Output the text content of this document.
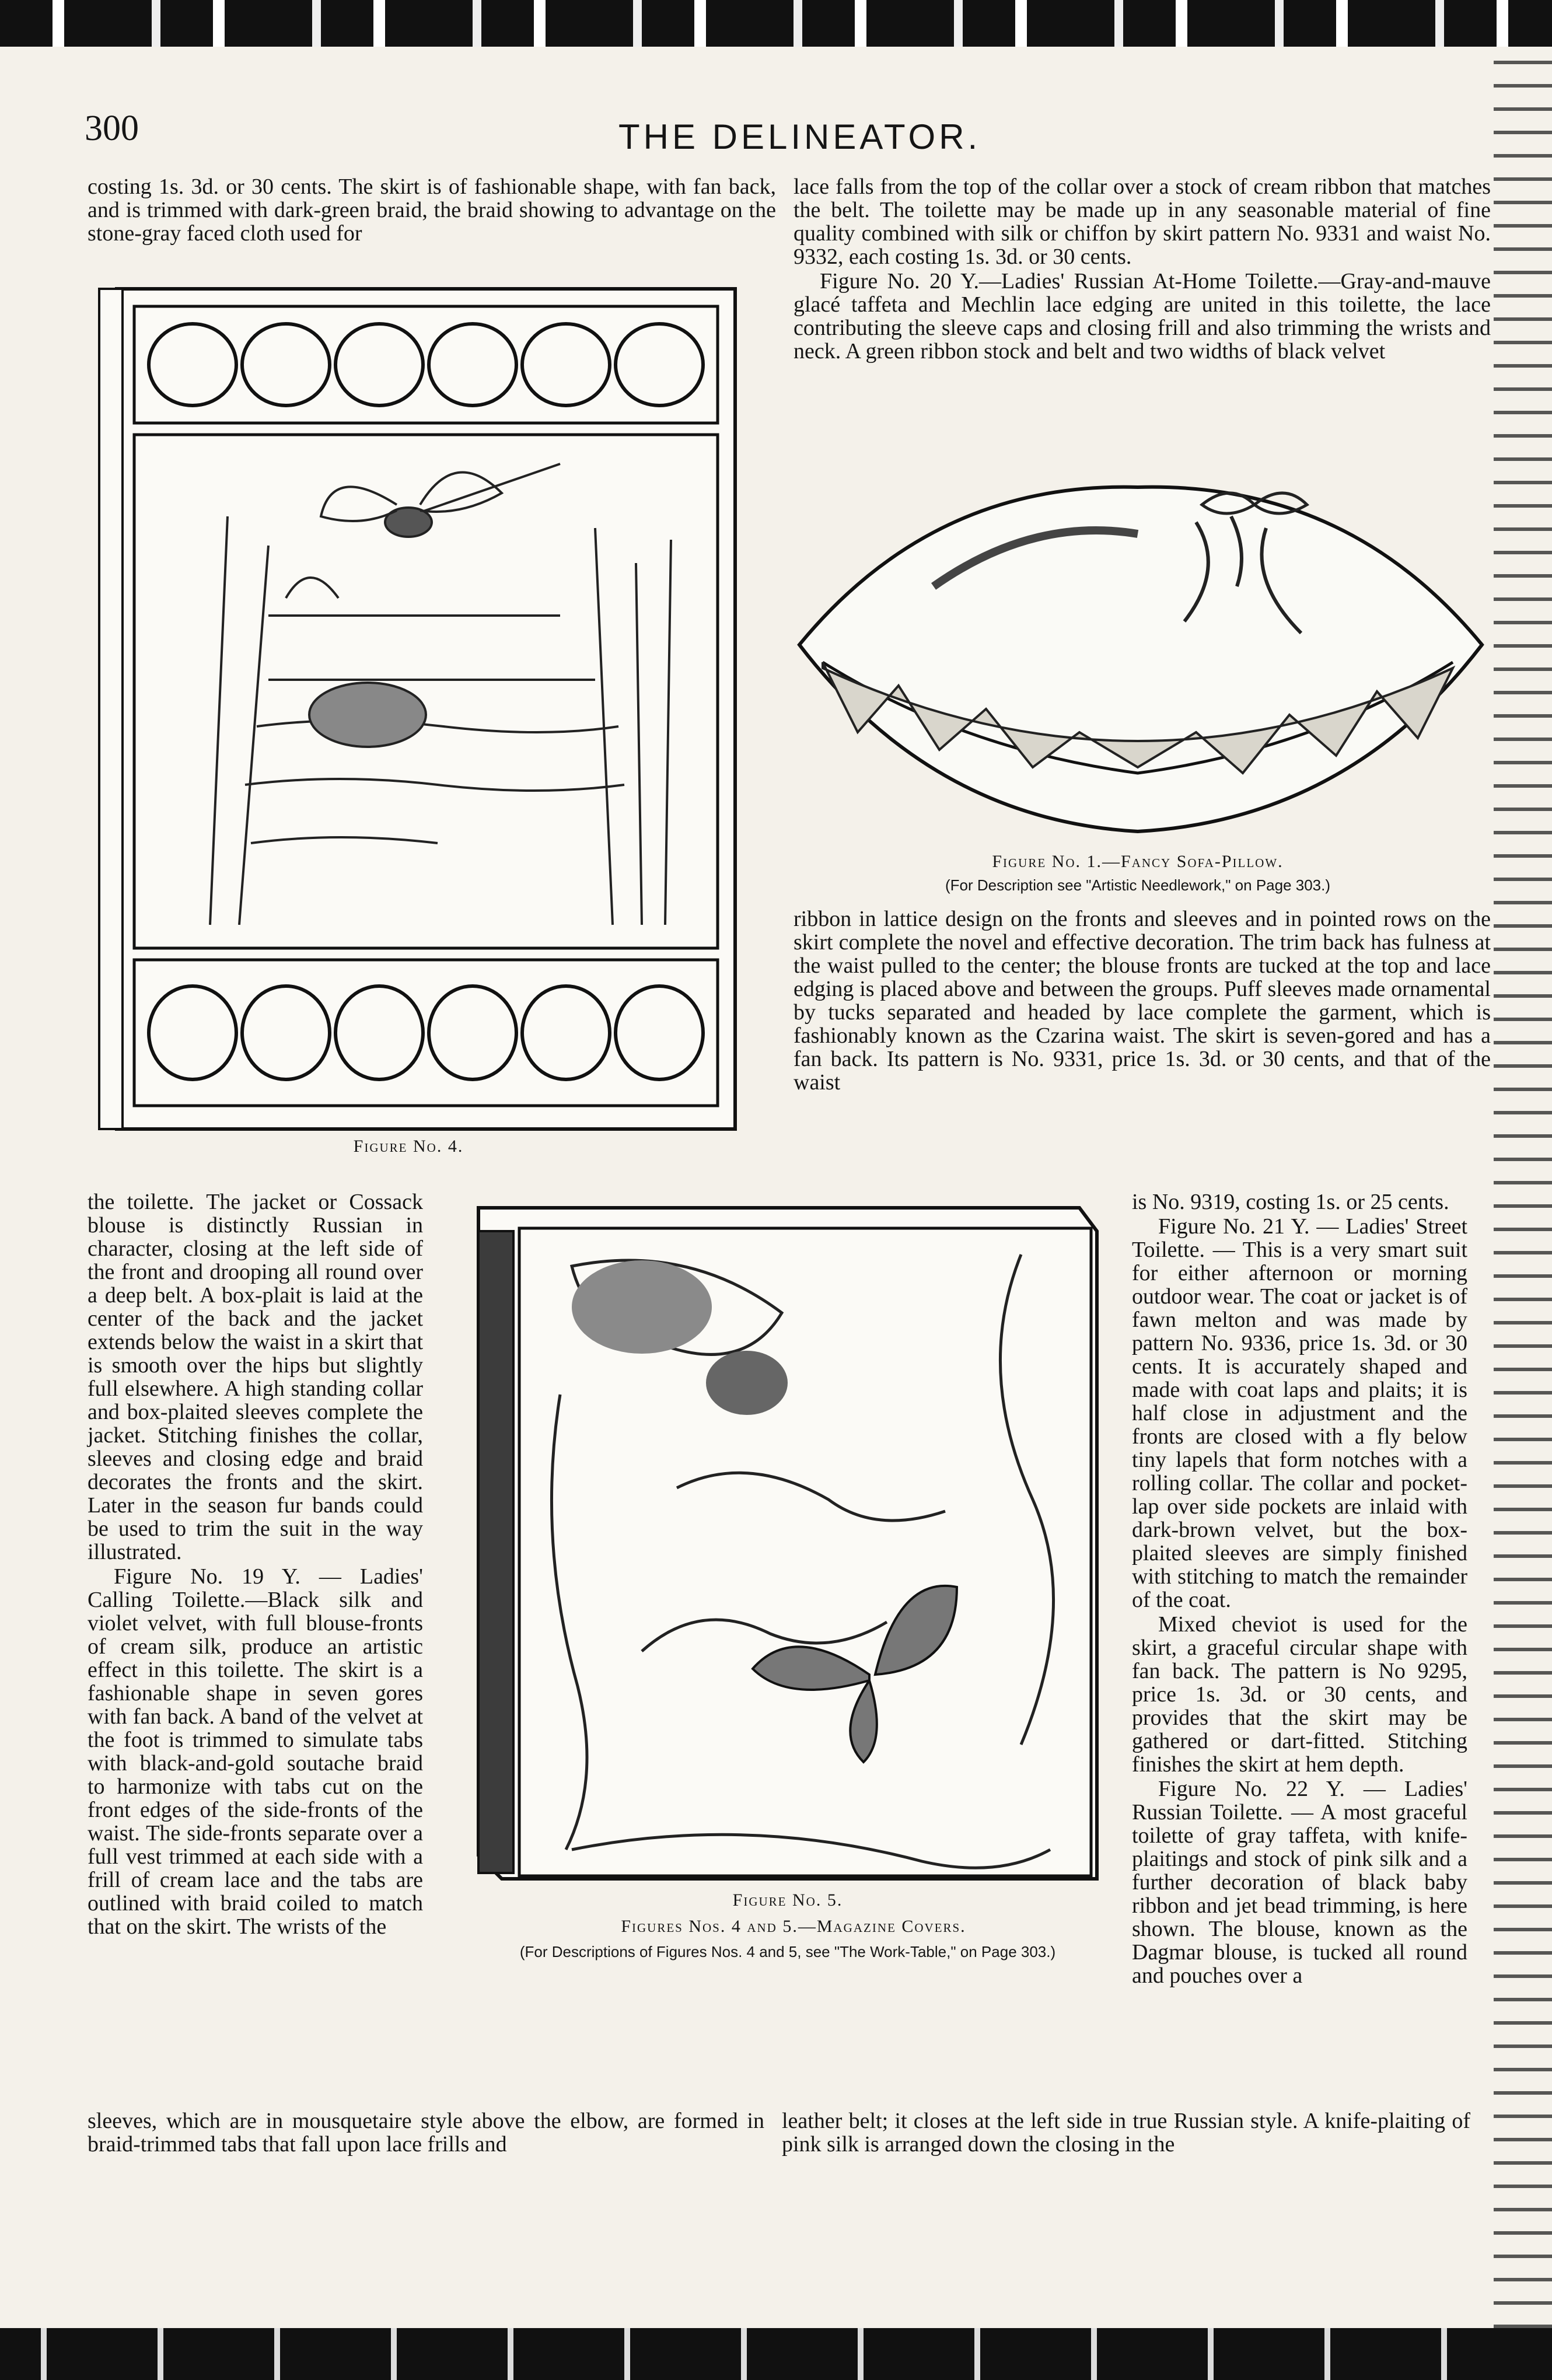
300	THE DELINEATOR.

costing 1s. 3d. or 30 cents. The skirt is of fashionable shape, with fan back, and is trimmed with dark-green braid, the braid showing to advantage on the stone-gray faced cloth used for

lace falls from the top of the collar over a stock of cream ribbon that matches the belt. The toilette may be made up in any seasonable material of fine quality combined with silk or chiffon by skirt pattern No. 9331 and waist No. 9332, each costing 1s. 3d. or 30 cents.

Figure No. 20 Y.—Ladies' Russian At-Home Toilette.—Gray-and-mauve glacé taffeta and Mechlin lace edging are united in this toilette, the lace contributing the sleeve caps and closing frill and also trimming the wrists and neck. A green ribbon stock and belt and two widths of black velvet

Figure No. 4.
Figure No. 1.—Fancy Sofa-Pillow.
(For Description see "Artistic Needlework," on Page 303.)

ribbon in lattice design on the fronts and sleeves and in pointed rows on the skirt complete the novel and effective decoration. The trim back has fulness at the waist pulled to the center; the blouse fronts are tucked at the top and lace edging is placed above and between the groups. Puff sleeves made ornamental by tucks separated and headed by lace complete the garment, which is fashionably known as the Czarina waist. The skirt is seven-gored and has a fan back. Its pattern is No. 9331, price 1s. 3d. or 30 cents, and that of the waist

the toilette. The jacket or Cossack blouse is distinctly Russian in character, closing at the left side of the front and drooping all round over a deep belt. A box-plait is laid at the center of the back and the jacket extends below the waist in a skirt that is smooth over the hips but slightly full elsewhere. A high standing collar and box-plaited sleeves complete the jacket. Stitching finishes the collar, sleeves and closing edge and braid decorates the fronts and the skirt. Later in the season fur bands could be used to trim the suit in the way illustrated.

Figure No. 19 Y. — Ladies' Calling Toilette.—Black silk and violet velvet, with full blouse-fronts of cream silk, produce an artistic effect in this toilette. The skirt is a fashionable shape in seven gores with fan back. A band of the velvet at the foot is trimmed to simulate tabs with black-and-gold soutache braid to harmonize with tabs cut on the front edges of the side-fronts of the waist. The side-fronts separate over a full vest trimmed at each side with a frill of cream lace and the tabs are outlined with braid coiled to match that on the skirt. The wrists of the

Figure No. 5.
Figures Nos. 4 and 5.—Magazine Covers.
(For Descriptions of Figures Nos. 4 and 5, see "The Work-Table," on Page 303.)

is No. 9319, costing 1s. or 25 cents.

Figure No. 21 Y. — Ladies' Street Toilette. — This is a very smart suit for either afternoon or morning outdoor wear. The coat or jacket is of fawn melton and was made by pattern No. 9336, price 1s. 3d. or 30 cents. It is accurately shaped and made with coat laps and plaits; it is half close in adjustment and the fronts are closed with a fly below tiny lapels that form notches with a rolling collar. The collar and pocket-lap over side pockets are inlaid with dark-brown velvet, but the box-plaited sleeves are simply finished with stitching to match the remainder of the coat.

Mixed cheviot is used for the skirt, a graceful circular shape with fan back. The pattern is No 9295, price 1s. 3d. or 30 cents, and provides that the skirt may be gathered or dart-fitted. Stitching finishes the skirt at hem depth.

Figure No. 22 Y. — Ladies' Russian Toilette. — A most graceful toilette of gray taffeta, with knife-plaitings and stock of pink silk and a further decoration of black baby ribbon and jet bead trimming, is here shown. The blouse, known as the Dagmar blouse, is tucked all round and pouches over a

sleeves, which are in mousquetaire style above the elbow, are formed in braid-trimmed tabs that fall upon lace frills and

leather belt; it closes at the left side in true Russian style. A knife-plaiting of pink silk is arranged down the closing in the
